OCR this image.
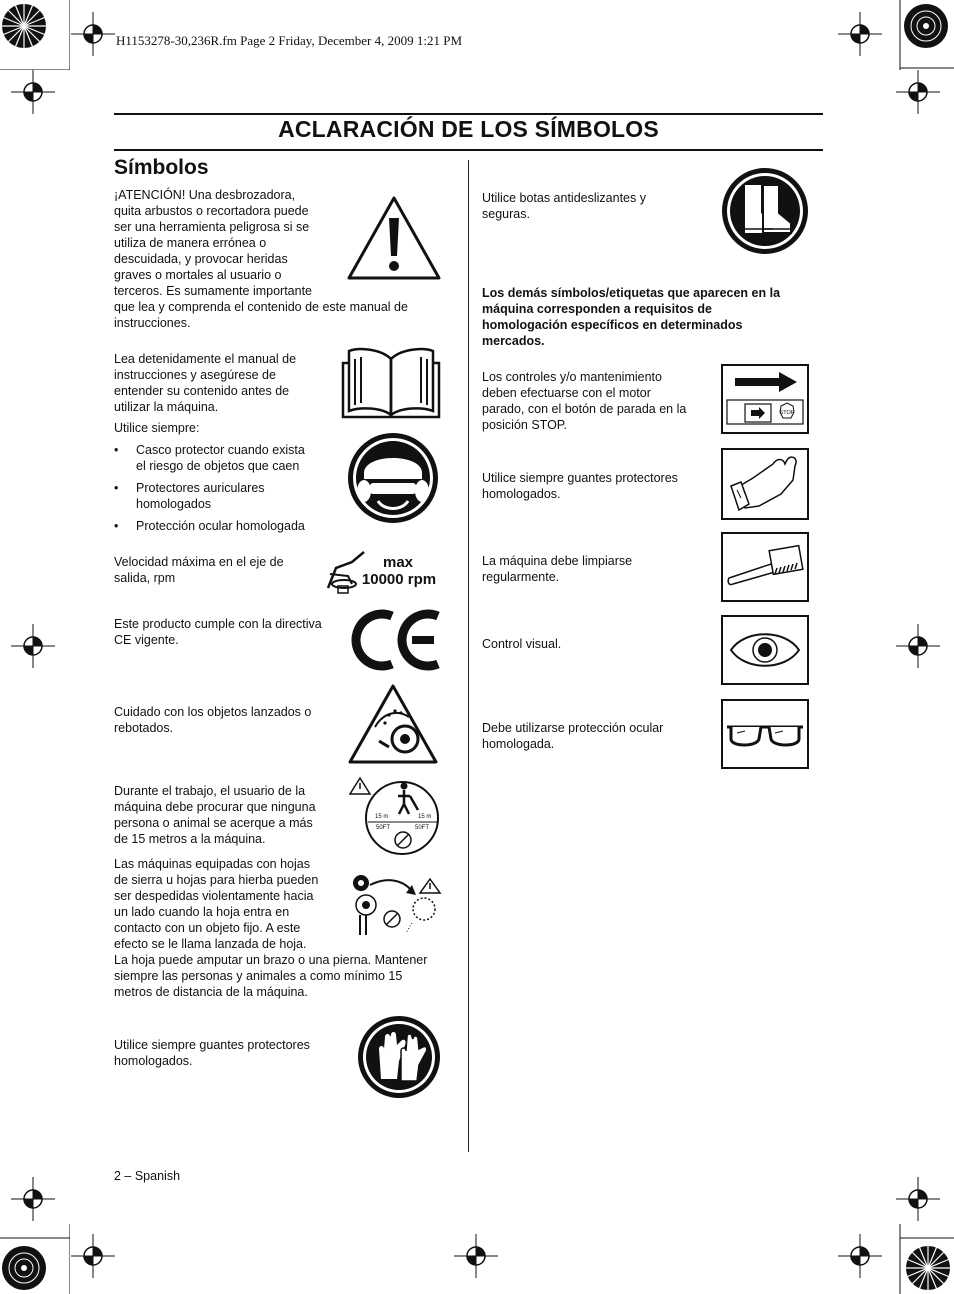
H1153278-30,236R.fm Page 2 Friday, December 4, 2009 1:21 PM
ACLARACIÓN DE LOS SÍMBOLOS
Símbolos
¡ATENCIÓN! Una desbrozadora,
quita arbustos o recortadora puede
ser una herramienta peligrosa si se
utiliza de manera errónea o
descuidada, y provocar heridas
graves o mortales al usuario o
terceros. Es sumamente importante
que lea y comprenda el contenido de este manual de
instrucciones.
Lea detenidamente el manual de
instrucciones y asegúrese de
entender su contenido antes de
utilizar la máquina.
Utilice siempre:
• Casco protector cuando exista
el riesgo de objetos que caen
• Protectores auriculares
homologados
• Protección ocular homologada
Velocidad máxima en el eje de
salida, rpm
Este producto cumple con la directiva
CE vigente.
Cuidado con los objetos lanzados o
rebotados.
Durante el trabajo, el usuario de la
máquina debe procurar que ninguna
persona o animal se acerque a más
de 15 metros a la máquina.
Las máquinas equipadas con hojas
de sierra u hojas para hierba pueden
ser despedidas violentamente hacia
un lado cuando la hoja entra en
contacto con un objeto fijo. A este
efecto se le llama lanzada de hoja.
La hoja puede amputar un brazo o una pierna. Mantener
siempre las personas y animales a como mínimo 15
metros de distancia de la máquina.
Utilice siempre guantes protectores
homologados.
Utilice botas antideslizantes y
seguras.
Los demás símbolos/etiquetas que aparecen en la
máquina corresponden a requisitos de
homologación específicos en determinados
mercados.
Los controles y/o mantenimiento
deben efectuarse con el motor
parado, con el botón de parada en la
posición STOP.
Utilice siempre guantes protectores
homologados.
La máquina debe limpiarse
regularmente.
Control visual.
Debe utilizarse protección ocular
homologada.
2 – Spanish
max
10000 rpm
15 m	15 m
50FT	50FT
STOP
